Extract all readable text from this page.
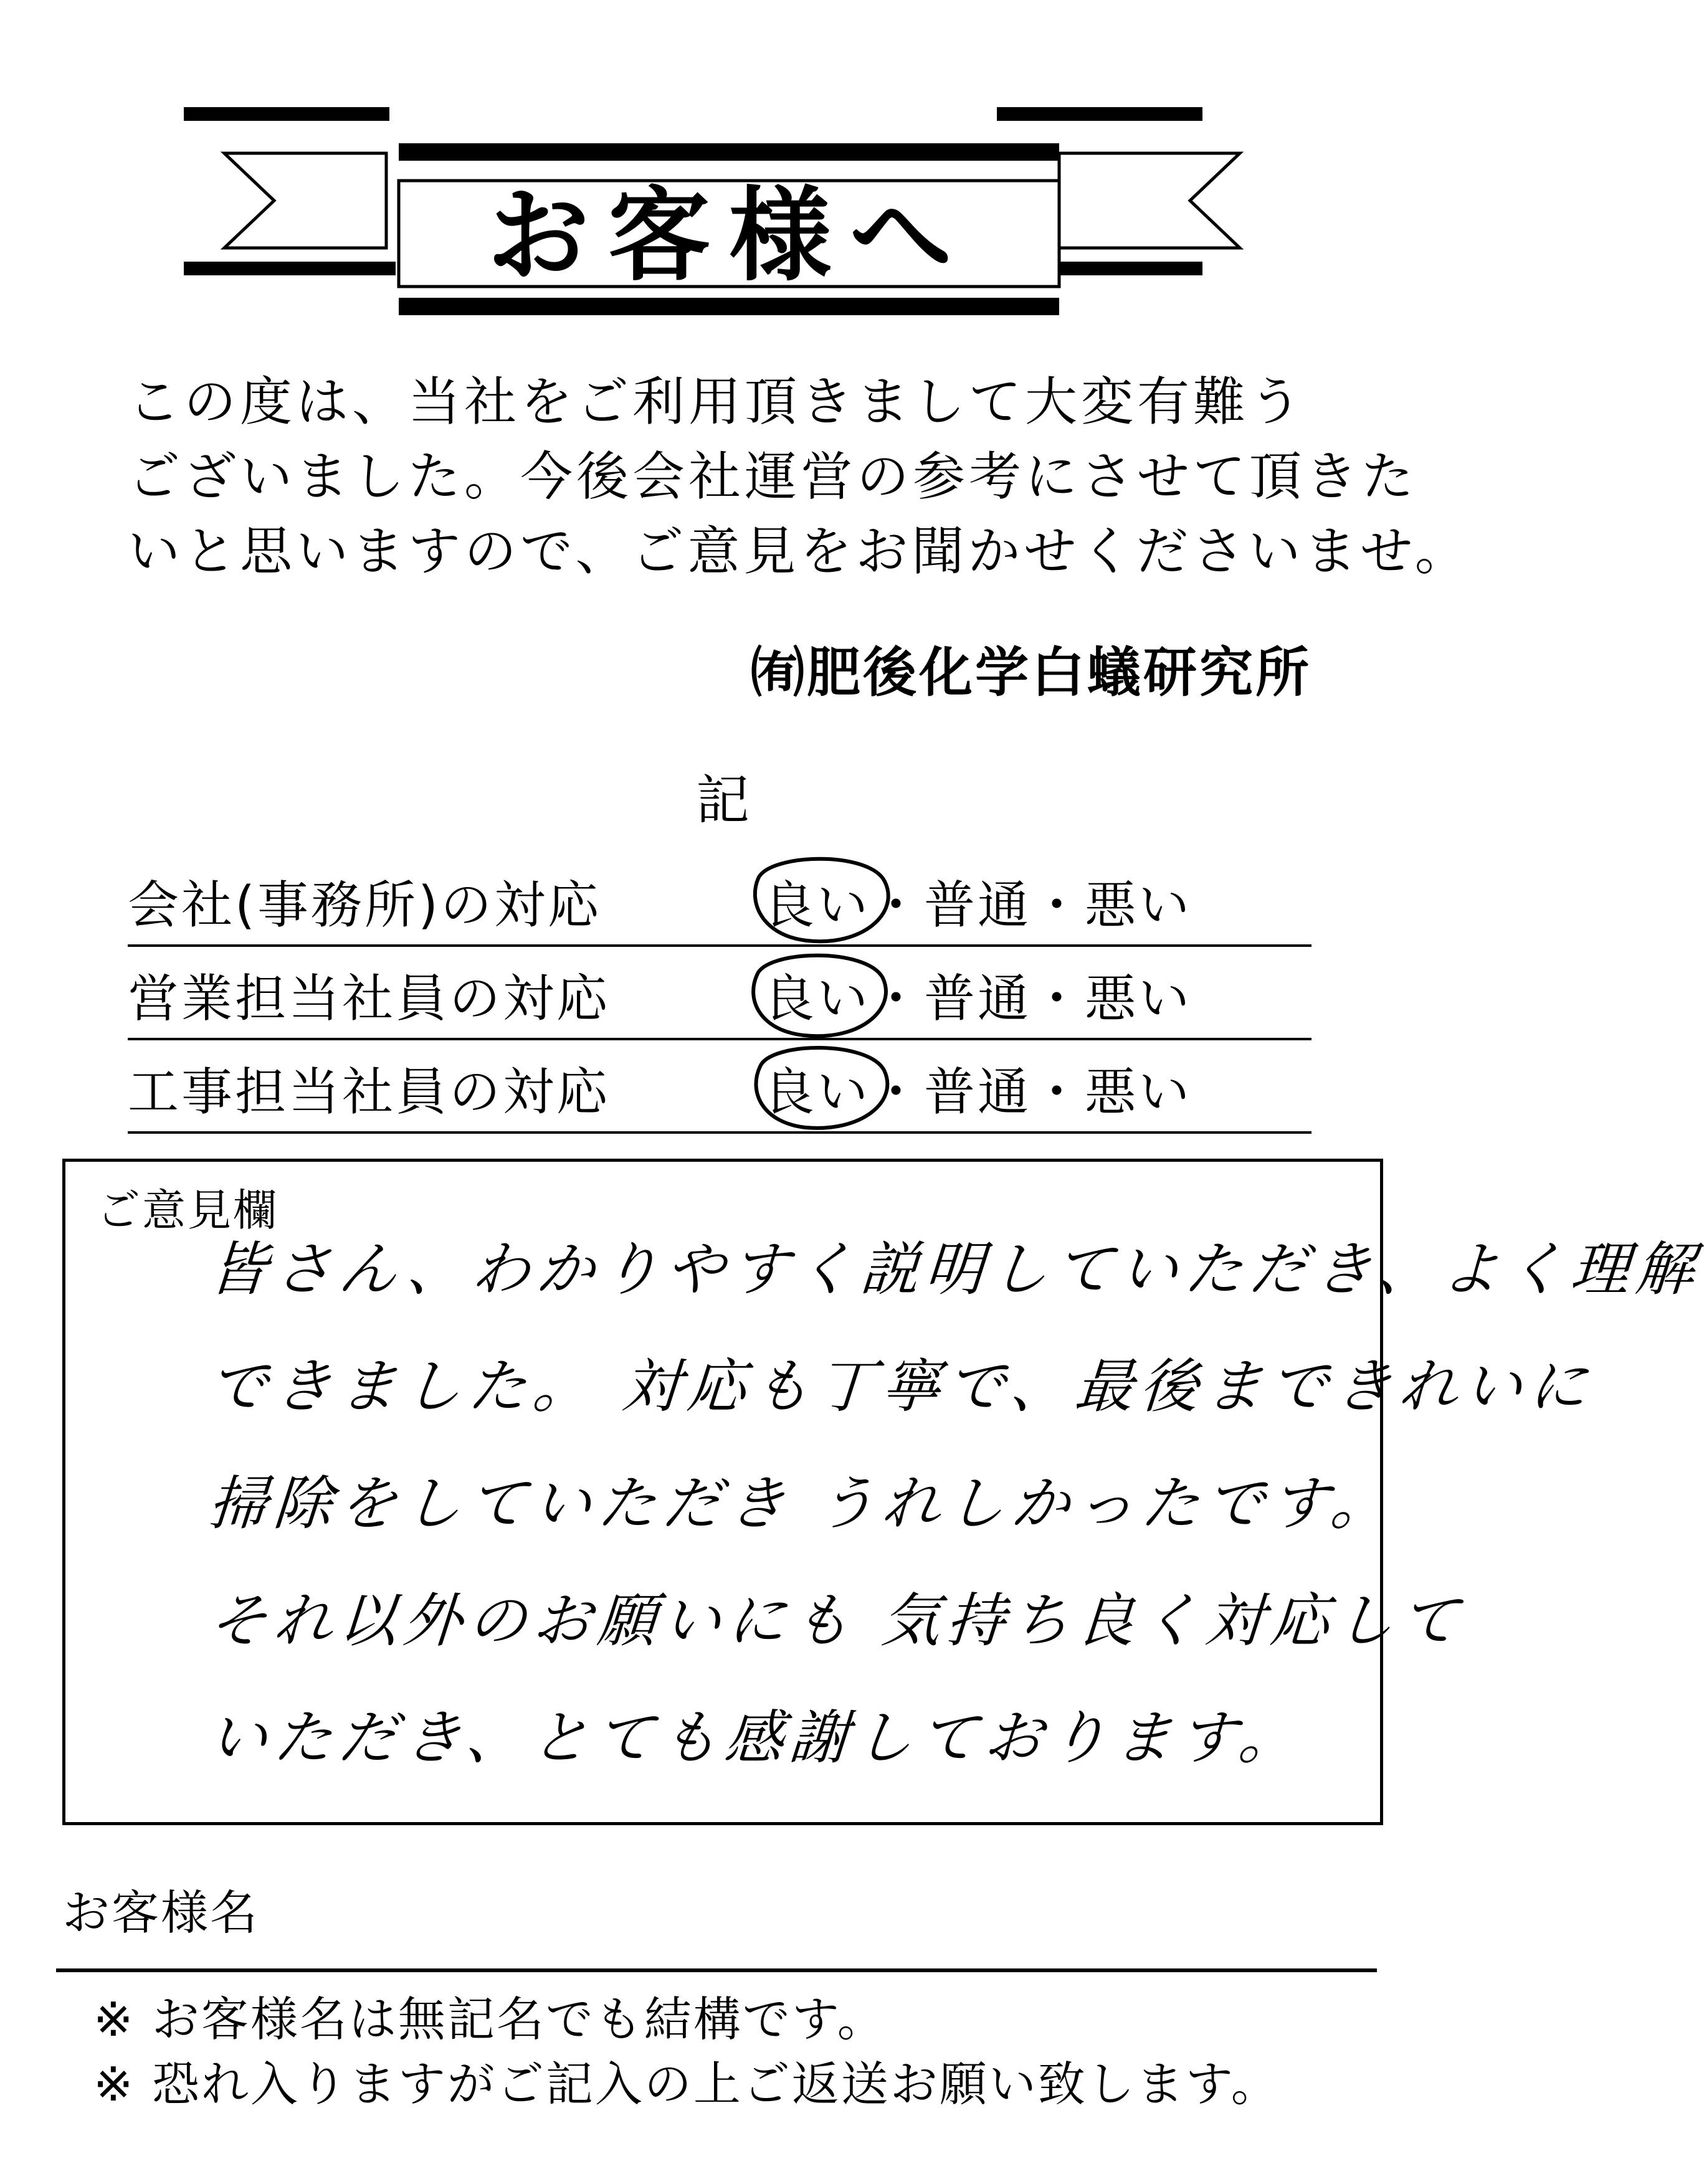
お客様へ
この度は、当社をご利用頂きまして大変有難う
ございました。今後会社運営の参考にさせて頂きた
いと思いますので、ご意見をお聞かせくださいませ。
㈲肥後化学白蟻研究所
記
会社(事務所)の対応	良い・普通・悪い
営業担当社員の対応	良い・普通・悪い
工事担当社員の対応	良い・普通・悪い
ご意見欄
皆さん、わかりやすく説明していただき、よく理解
できました。 対応も丁寧で、最後まできれいに
掃除をしていただき うれしかったです。
それ以外のお願いにも 気持ち良く対応して
いただき、とても感謝しております。
お客様名
※ お客様名は無記名でも結構です。
※ 恐れ入りますがご記入の上ご返送お願い致します。
